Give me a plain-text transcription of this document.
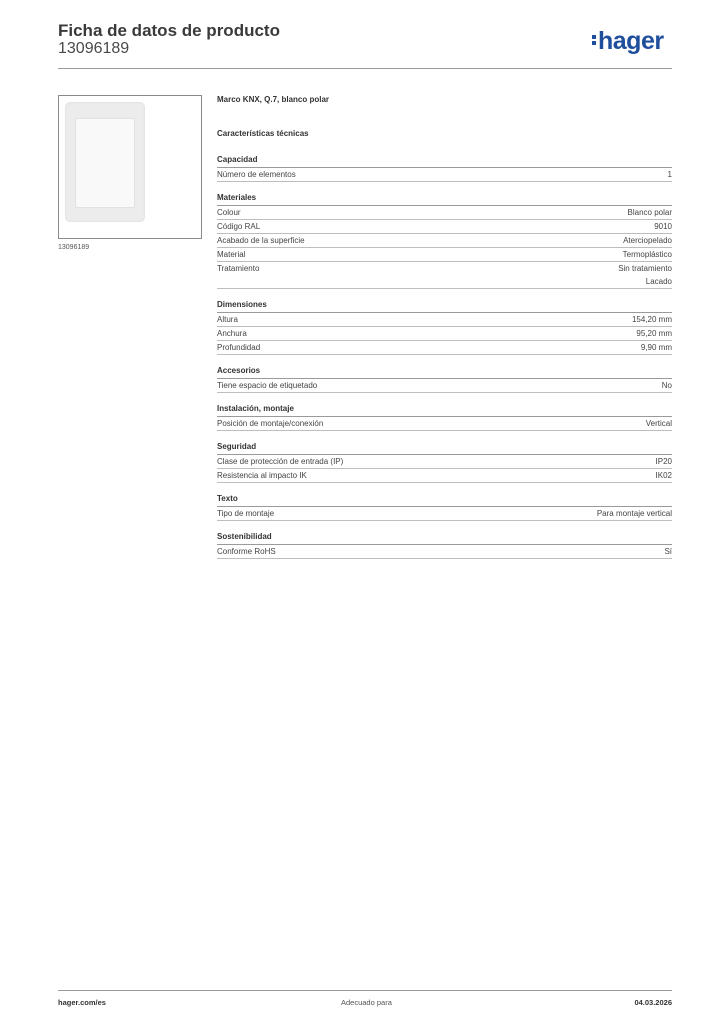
Ficha de datos de producto
13096189	hager
13096189
Marco KNX, Q.7, blanco polar
Características técnicas
Capacidad
Número de elementos	1
Materiales
Colour	Blanco polar
Código RAL	9010
Acabado de la superficie	Aterciopelado
Material	Termoplástico
Tratamiento	Sin tratamiento
Lacado
Dimensiones
Altura	154,20 mm
Anchura	95,20 mm
Profundidad	9,90 mm
Accesorios
Tiene espacio de etiquetado	No
Instalación, montaje
Posición de montaje/conexión	Vertical
Seguridad
Clase de protección de entrada (IP)	IP20
Resistencia al impacto IK	IK02
Texto
Tipo de montaje	Para montaje vertical
Sostenibilidad
Conforme RoHS	Sí
hager.com/es	Adecuado para	04.03.2026
